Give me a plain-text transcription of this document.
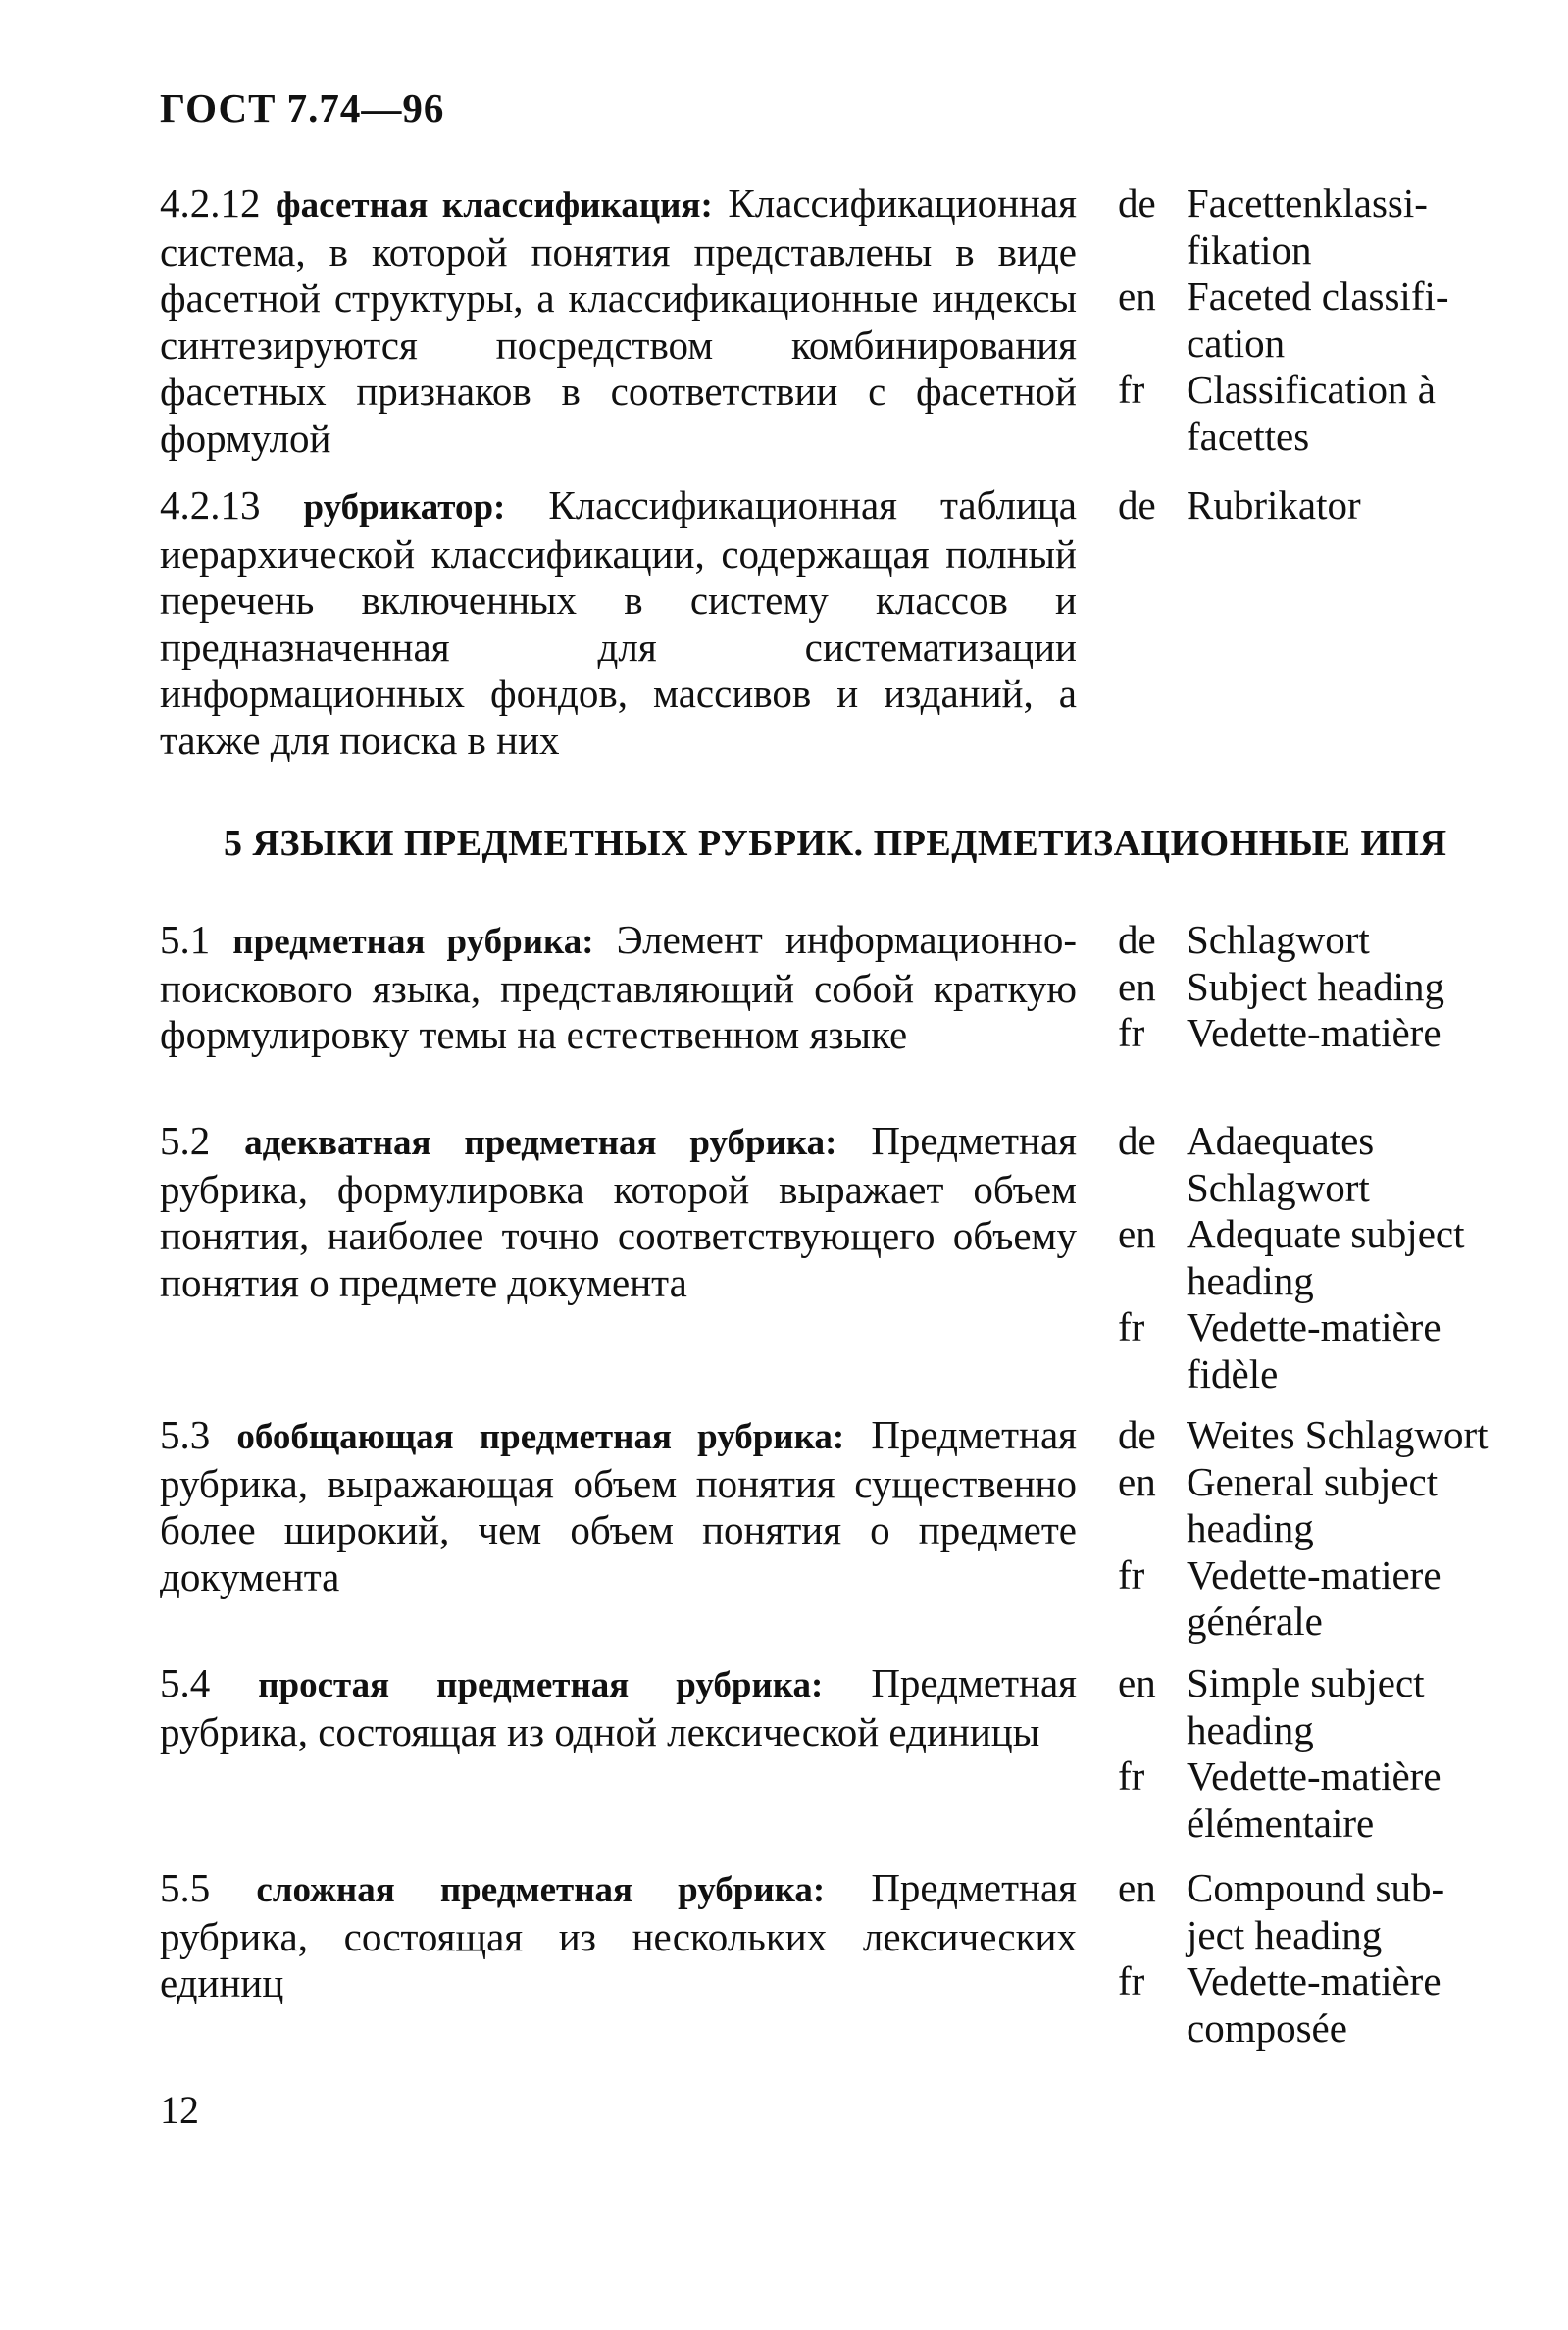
ГОСТ 7.74—96
4.2.12 фасетная классификация: Классификационная система, в которой понятия представлены в виде фасетной структуры, а классификационные индексы синтезируются посредством комбинирования фасетных признаков в соответствии с фасетной формулой
de Facettenklassi-
fikation
en Faceted classifi-
cation
fr	Classification à
facettes
4.2.13 рубрикатор: Классификационная таблица иерархической классификации, содержащая полный перечень включенных в систему классов и предназначенная для систематизации информационных фондов, массивов и изданий, а также для поиска в них
de Rubrikator
5 ЯЗЫКИ ПРЕДМЕТНЫХ РУБРИК. ПРЕДМЕТИЗАЦИОННЫЕ ИПЯ
5.1 предметная рубрика: Элемент информационно-поискового языка, представляющий собой краткую формулировку темы на естественном языке
de Schlagwort
en Subject heading
fr	Vedette-matière
5.2 адекватная предметная рубрика: Предметная рубрика, формулировка которой выражает объем понятия, наиболее точно соответствующего объему понятия о предмете документа
de Adaequates
Schlagwort
en Adequate subject
heading
fr	Vedette-matière
fidèle
5.3 обобщающая предметная рубрика: Предметная рубрика, выражающая объем понятия существенно более широкий, чем объем понятия о предмете документа
de Weites Schlagwort
en General subject
heading
fr	Vedette-matiere
générale
5.4 простая предметная рубрика: Предметная рубрика, состоящая из одной лексической единицы
en Simple subject
heading
fr	Vedette-matière
élémentaire
5.5 сложная предметная рубрика: Предметная рубрика, состоящая из нескольких лексических единиц
en Compound sub-
ject heading
fr	Vedette-matière
composée
12
